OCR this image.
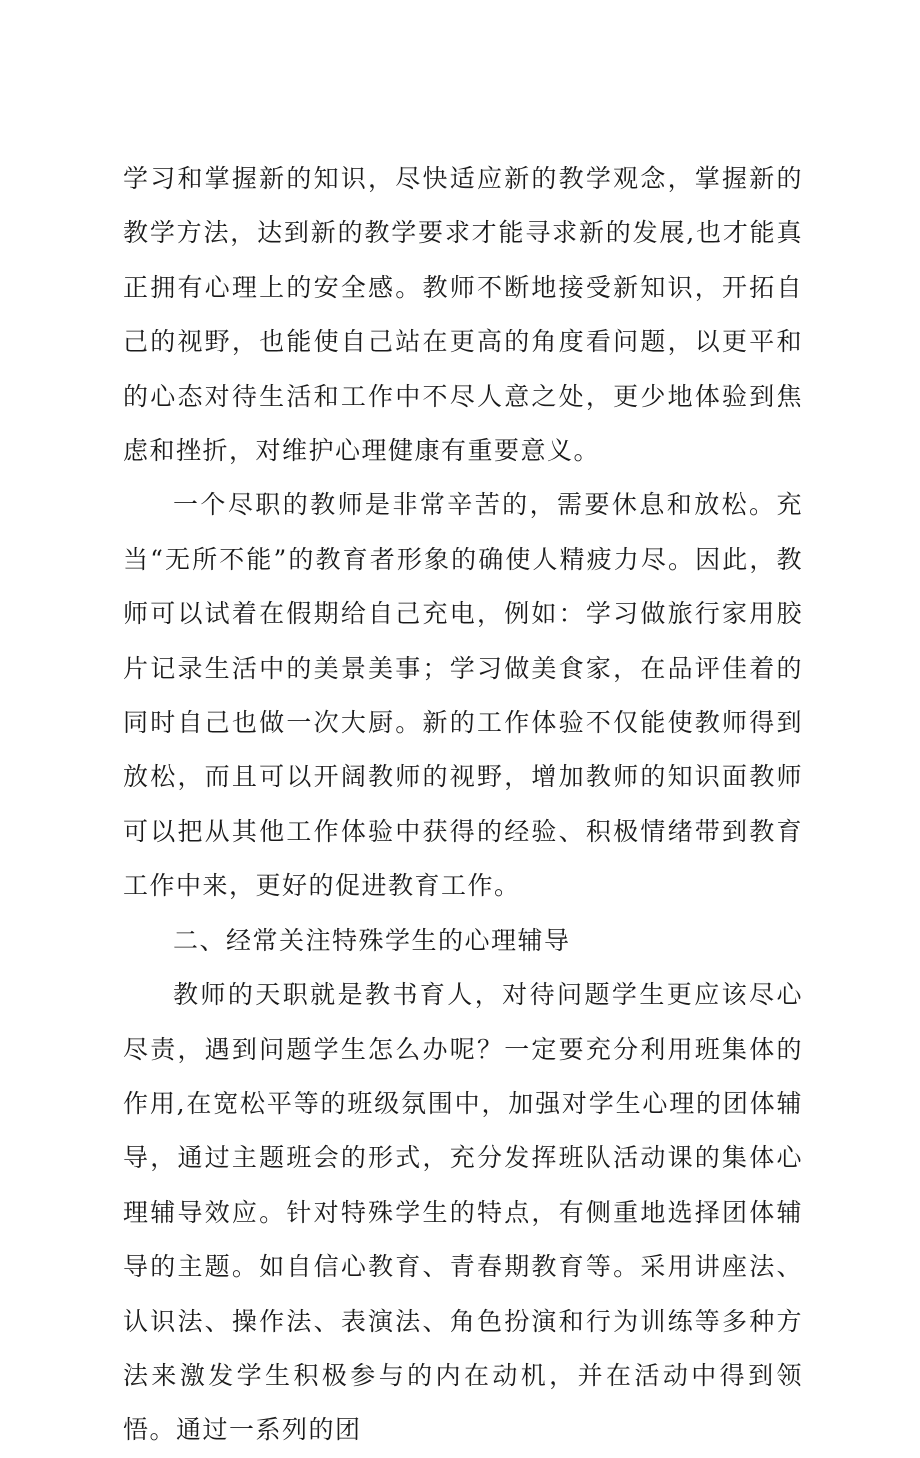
学习和掌握新的知识，尽快适应新的教学观念，掌握新的教学方法，达到新的教学要求才能寻求新的发展,也才能真正拥有心理上的安全感。教师不断地接受新知识，开拓自己的视野，也能使自己站在更高的角度看问题，以更平和的心态对待生活和工作中不尽人意之处，更少地体验到焦虑和挫折，对维护心理健康有重要意义。

一个尽职的教师是非常辛苦的，需要休息和放松。充当“无所不能”的教育者形象的确使人精疲力尽。因此，教师可以试着在假期给自己充电，例如：学习做旅行家用胶片记录生活中的美景美事；学习做美食家，在品评佳着的同时自己也做一次大厨。新的工作体验不仅能使教师得到放松，而且可以开阔教师的视野，增加教师的知识面教师可以把从其他工作体验中获得的经验、积极情绪带到教育工作中来，更好的促进教育工作。

二、经常关注特殊学生的心理辅导

教师的天职就是教书育人，对待问题学生更应该尽心尽责，遇到问题学生怎么办呢？一定要充分利用班集体的作用,在宽松平等的班级氛围中，加强对学生心理的团体辅导，通过主题班会的形式，充分发挥班队活动课的集体心理辅导效应。针对特殊学生的特点，有侧重地选择团体辅导的主题。如自信心教育、青春期教育等。采用讲座法、认识法、操作法、表演法、角色扮演和行为训练等多种方法来激发学生积极参与的内在动机，并在活动中得到领悟。通过一系列的团
